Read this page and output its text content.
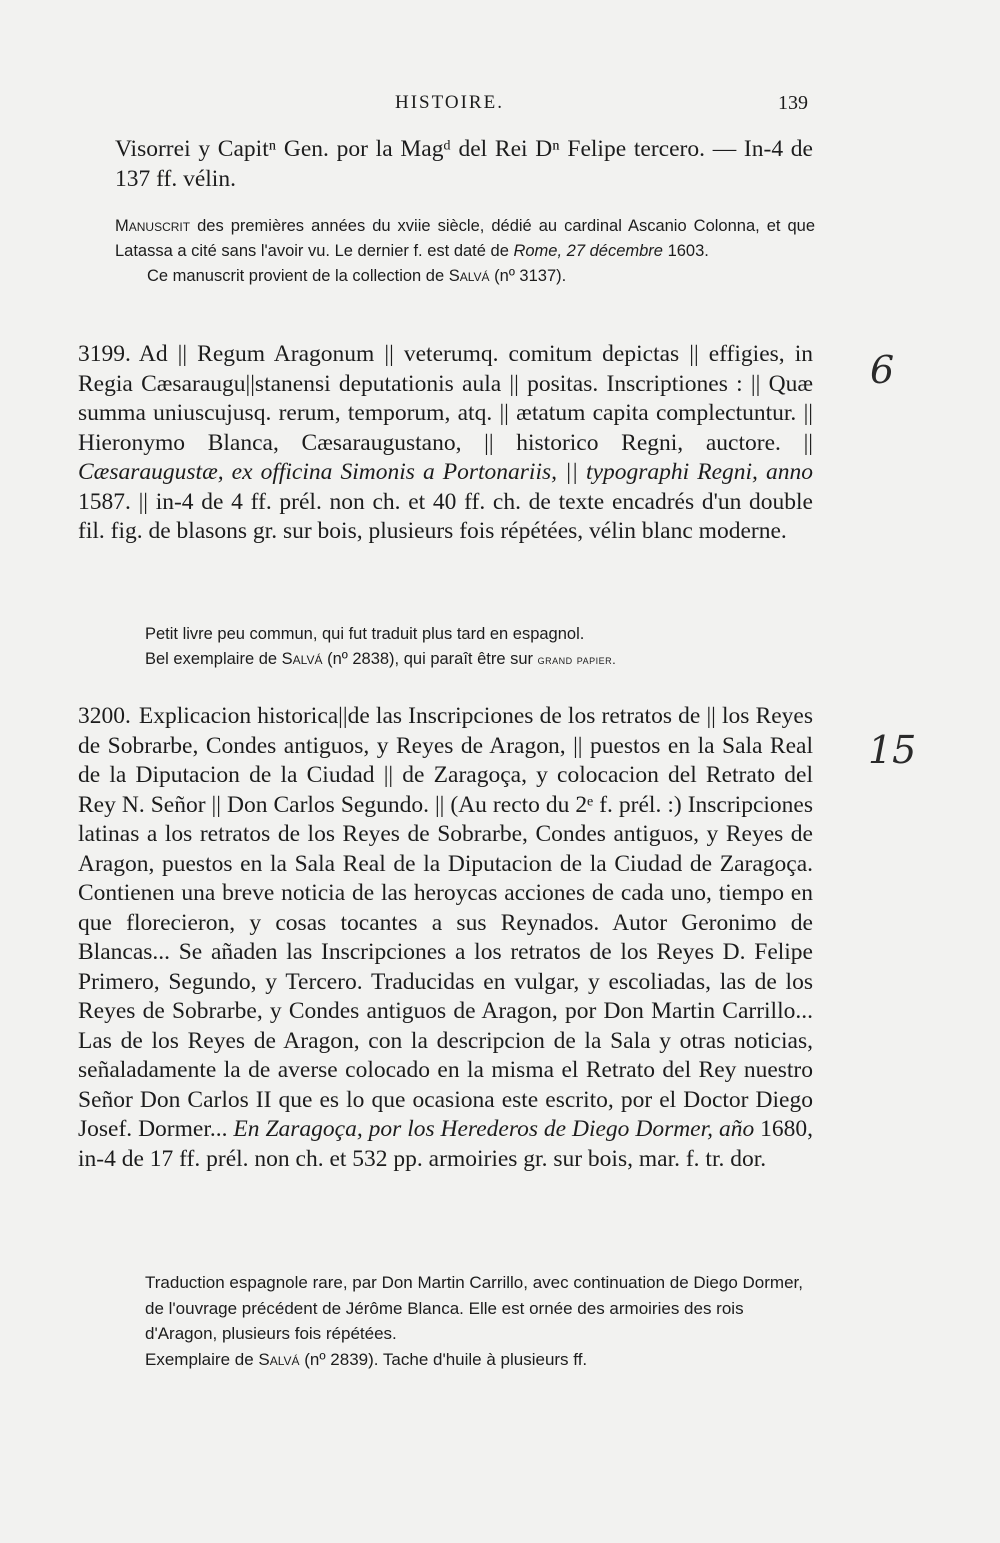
HISTOIRE.	139
Visorrei y Capitⁿ Gen. por la Magᵈ del Rei Dⁿ Felipe tercero. — In-4 de 137 ff. vélin.
Manuscrit des premières années du xviie siècle, dédié au cardinal Ascanio Colonna, et que Latassa a cité sans l'avoir vu. Le dernier f. est daté de Rome, 27 décembre 1603.
Ce manuscrit provient de la collection de Salvá (nº 3137).
3199. Ad || Regum Aragonum || veterumq. comitum depictas || effigies, in Regia Cæsaraugu||stanensi deputationis aula || positas. Inscriptiones : || Quæ summa uniuscujusq. rerum, temporum, atq. || ætatum capita complectuntur. || Hieronymo Blanca, Cæsaraugustano, || historico Regni, auctore. || Cæsaraugustæ, ex officina Simonis a Portonariis, || typographi Regni, anno 1587. || in-4 de 4 ff. prél. non ch. et 40 ff. ch. de texte encadrés d'un double fil. fig. de blasons gr. sur bois, plusieurs fois répétées, vélin blanc moderne.
Petit livre peu commun, qui fut traduit plus tard en espagnol.
Bel exemplaire de Salvá (nº 2838), qui paraît être sur grand papier.
6
3200. Explicacion historica||de las Inscripciones de los retratos de || los Reyes de Sobrarbe, Condes antiguos, y Reyes de Aragon, || puestos en la Sala Real de la Diputacion de la Ciudad || de Zaragoça, y colocacion del Retrato del Rey N. Señor || Don Carlos Segundo. || (Au recto du 2ᵉ f. prél. :) Inscripciones latinas a los retratos de los Reyes de Sobrarbe, Condes antiguos, y Reyes de Aragon, puestos en la Sala Real de la Diputacion de la Ciudad de Zaragoça. Contienen una breve noticia de las heroycas acciones de cada uno, tiempo en que florecieron, y cosas tocantes a sus Reynados. Autor Geronimo de Blancas... Se añaden las Inscripciones a los retratos de los Reyes D. Felipe Primero, Segundo, y Tercero. Traducidas en vulgar, y escoliadas, las de los Reyes de Sobrarbe, y Condes antiguos de Aragon, por Don Martin Carrillo... Las de los Reyes de Aragon, con la descripcion de la Sala y otras noticias, señaladamente la de averse colocado en la misma el Retrato del Rey nuestro Señor Don Carlos II que es lo que ocasiona este escrito, por el Doctor Diego Josef. Dormer... En Zaragoça, por los Herederos de Diego Dormer, año 1680, in-4 de 17 ff. prél. non ch. et 532 pp. armoiries gr. sur bois, mar. f. tr. dor.
15
Traduction espagnole rare, par Don Martin Carrillo, avec continuation de Diego Dormer, de l'ouvrage précédent de Jérôme Blanca. Elle est ornée des armoiries des rois d'Aragon, plusieurs fois répétées.
Exemplaire de Salvá (nº 2839). Tache d'huile à plusieurs ff.
